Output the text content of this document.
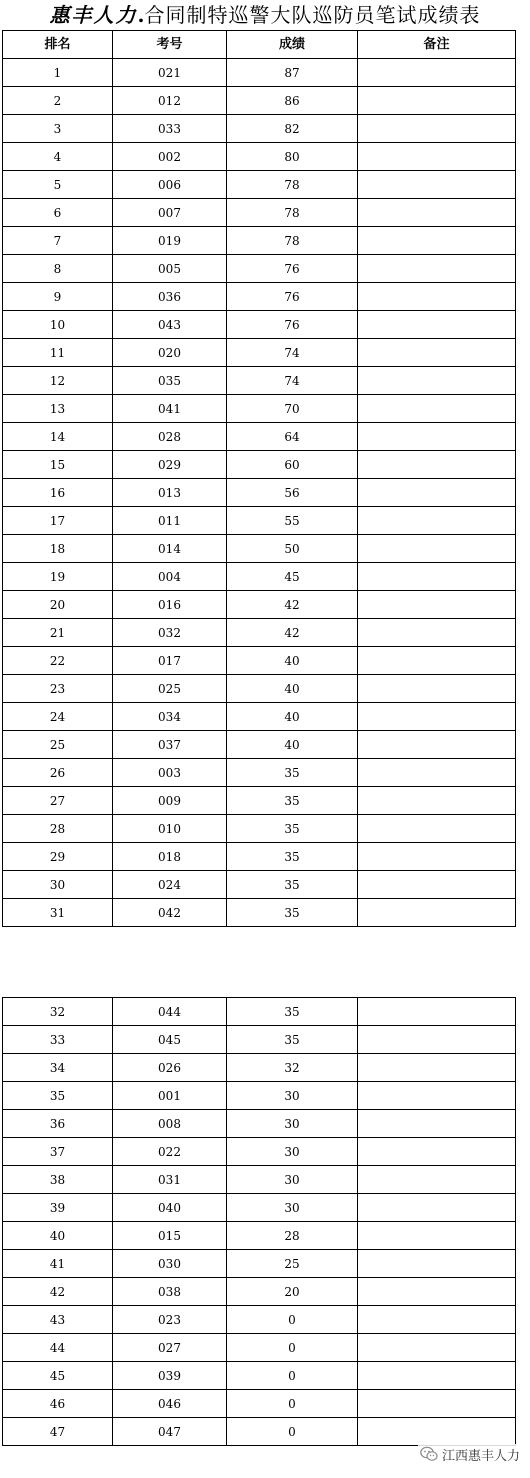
惠丰人力.合同制特巡警大队巡防员笔试成绩表
排名	考号	成绩	备注
1	021	87	
2	012	86	
3	033	82	
4	002	80	
5	006	78	
6	007	78	
7	019	78	
8	005	76	
9	036	76	
10	043	76	
11	020	74	
12	035	74	
13	041	70	
14	028	64	
15	029	60	
16	013	56	
17	011	55	
18	014	50	
19	004	45	
20	016	42	
21	032	42	
22	017	40	
23	025	40	
24	034	40	
25	037	40	
26	003	35	
27	009	35	
28	010	35	
29	018	35	
30	024	35	
31	042	35	
32	044	35	
33	045	35	
34	026	32	
35	001	30	
36	008	30	
37	022	30	
38	031	30	
39	040	30	
40	015	28	
41	030	25	
42	038	20	
43	023	0	
44	027	0	
45	039	0	
46	046	0	
47	047	0	
江西惠丰人力
